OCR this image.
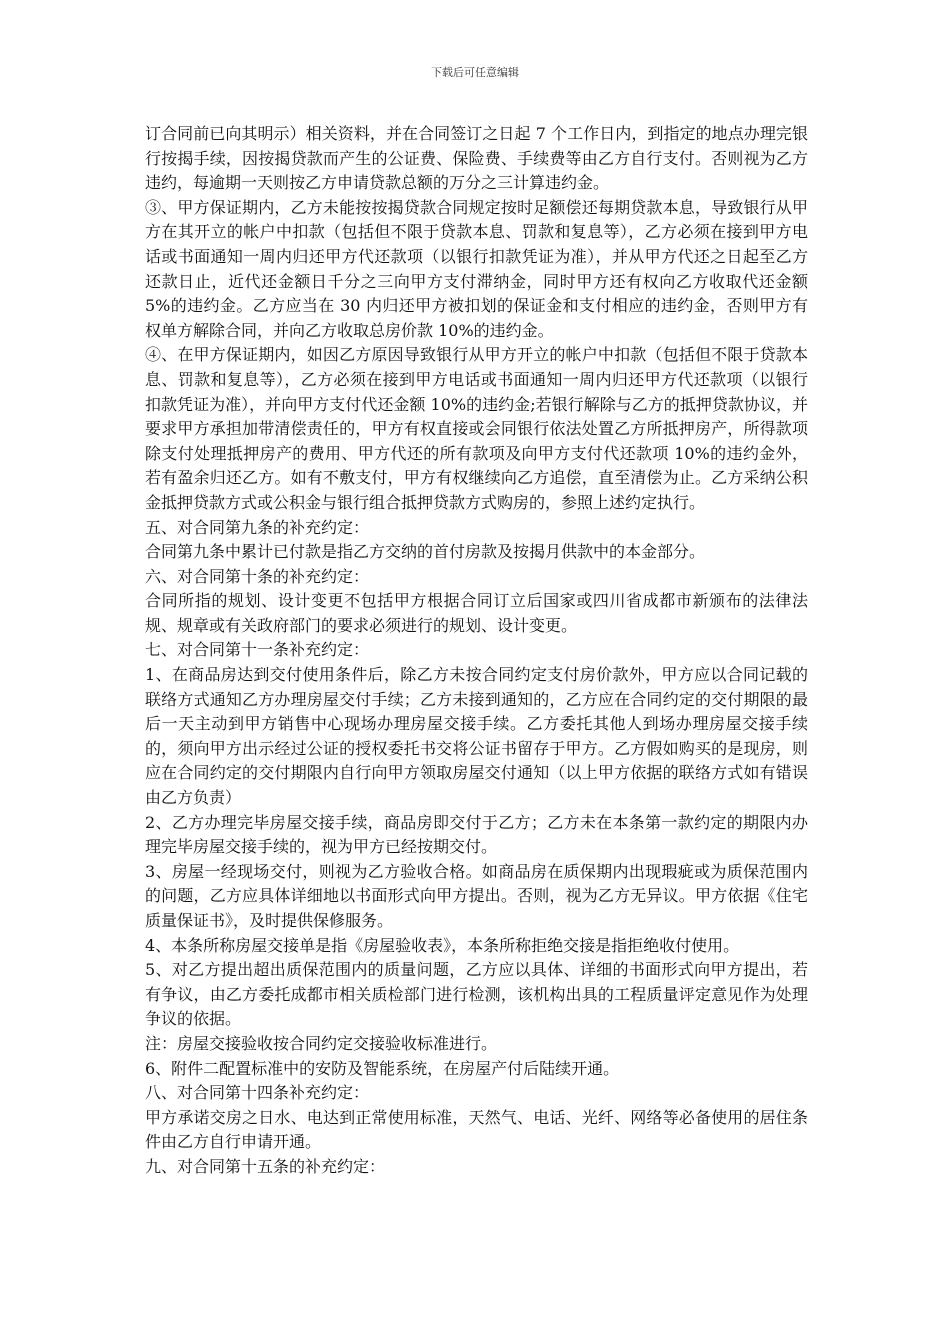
下载后可任意编辑

订合同前已向其明示）相关资料，并在合同签订之日起 7 个工作日内，到指定的地点办理完银行按揭手续，因按揭贷款而产生的公证费、保险费、手续费等由乙方自行支付。否则视为乙方违约，每逾期一天则按乙方申请贷款总额的万分之三计算违约金。

③、甲方保证期内，乙方未能按按揭贷款合同规定按时足额偿还每期贷款本息，导致银行从甲方在其开立的帐户中扣款（包括但不限于贷款本息、罚款和复息等），乙方必须在接到甲方电话或书面通知一周内归还甲方代还款项（以银行扣款凭证为准），并从甲方代还之日起至乙方还款日止，近代还金额日千分之三向甲方支付滞纳金，同时甲方还有权向乙方收取代还金额 5%的违约金。乙方应当在 30 内归还甲方被扣划的保证金和支付相应的违约金，否则甲方有权单方解除合同，并向乙方收取总房价款 10%的违约金。

④、在甲方保证期内，如因乙方原因导致银行从甲方开立的帐户中扣款（包括但不限于贷款本息、罚款和复息等），乙方必须在接到甲方电话或书面通知一周内归还甲方代还款项（以银行扣款凭证为准），并向甲方支付代还金额 10%的违约金;若银行解除与乙方的抵押贷款协议，并要求甲方承担加带清偿责任的，甲方有权直接或会同银行依法处置乙方所抵押房产，所得款项除支付处理抵押房产的费用、甲方代还的所有款项及向甲方支付代还款项 10%的违约金外，若有盈余归还乙方。如有不敷支付，甲方有权继续向乙方追偿，直至清偿为止。乙方采纳公积金抵押贷款方式或公积金与银行组合抵押贷款方式购房的，参照上述约定执行。

五、对合同第九条的补充约定：

合同第九条中累计已付款是指乙方交纳的首付房款及按揭月供款中的本金部分。

六、对合同第十条的补充约定：

合同所指的规划、设计变更不包括甲方根据合同订立后国家或四川省成都市新颁布的法律法规、规章或有关政府部门的要求必须进行的规划、设计变更。

七、对合同第十一条补充约定：

1、在商品房达到交付使用条件后，除乙方未按合同约定支付房价款外，甲方应以合同记载的联络方式通知乙方办理房屋交付手续；乙方未接到通知的，乙方应在合同约定的交付期限的最后一天主动到甲方销售中心现场办理房屋交接手续。乙方委托其他人到场办理房屋交接手续的，须向甲方出示经过公证的授权委托书交将公证书留存于甲方。乙方假如购买的是现房，则应在合同约定的交付期限内自行向甲方领取房屋交付通知（以上甲方依据的联络方式如有错误由乙方负责）

2、乙方办理完毕房屋交接手续，商品房即交付于乙方；乙方未在本条第一款约定的期限内办理完毕房屋交接手续的，视为甲方已经按期交付。

3、房屋一经现场交付，则视为乙方验收合格。如商品房在质保期内出现瑕疵或为质保范围内的问题，乙方应具体详细地以书面形式向甲方提出。否则，视为乙方无异议。甲方依据《住宅质量保证书》，及时提供保修服务。

4、本条所称房屋交接单是指《房屋验收表》，本条所称拒绝交接是指拒绝收付使用。

5、对乙方提出超出质保范围内的质量问题，乙方应以具体、详细的书面形式向甲方提出，若有争议，由乙方委托成都市相关质检部门进行检测，该机构出具的工程质量评定意见作为处理争议的依据。

注：房屋交接验收按合同约定交接验收标准进行。

6、附件二配置标准中的安防及智能系统，在房屋产付后陆续开通。

八、对合同第十四条补充约定：

甲方承诺交房之日水、电达到正常使用标准，天然气、电话、光纤、网络等必备使用的居住条件由乙方自行申请开通。

九、对合同第十五条的补充约定：
